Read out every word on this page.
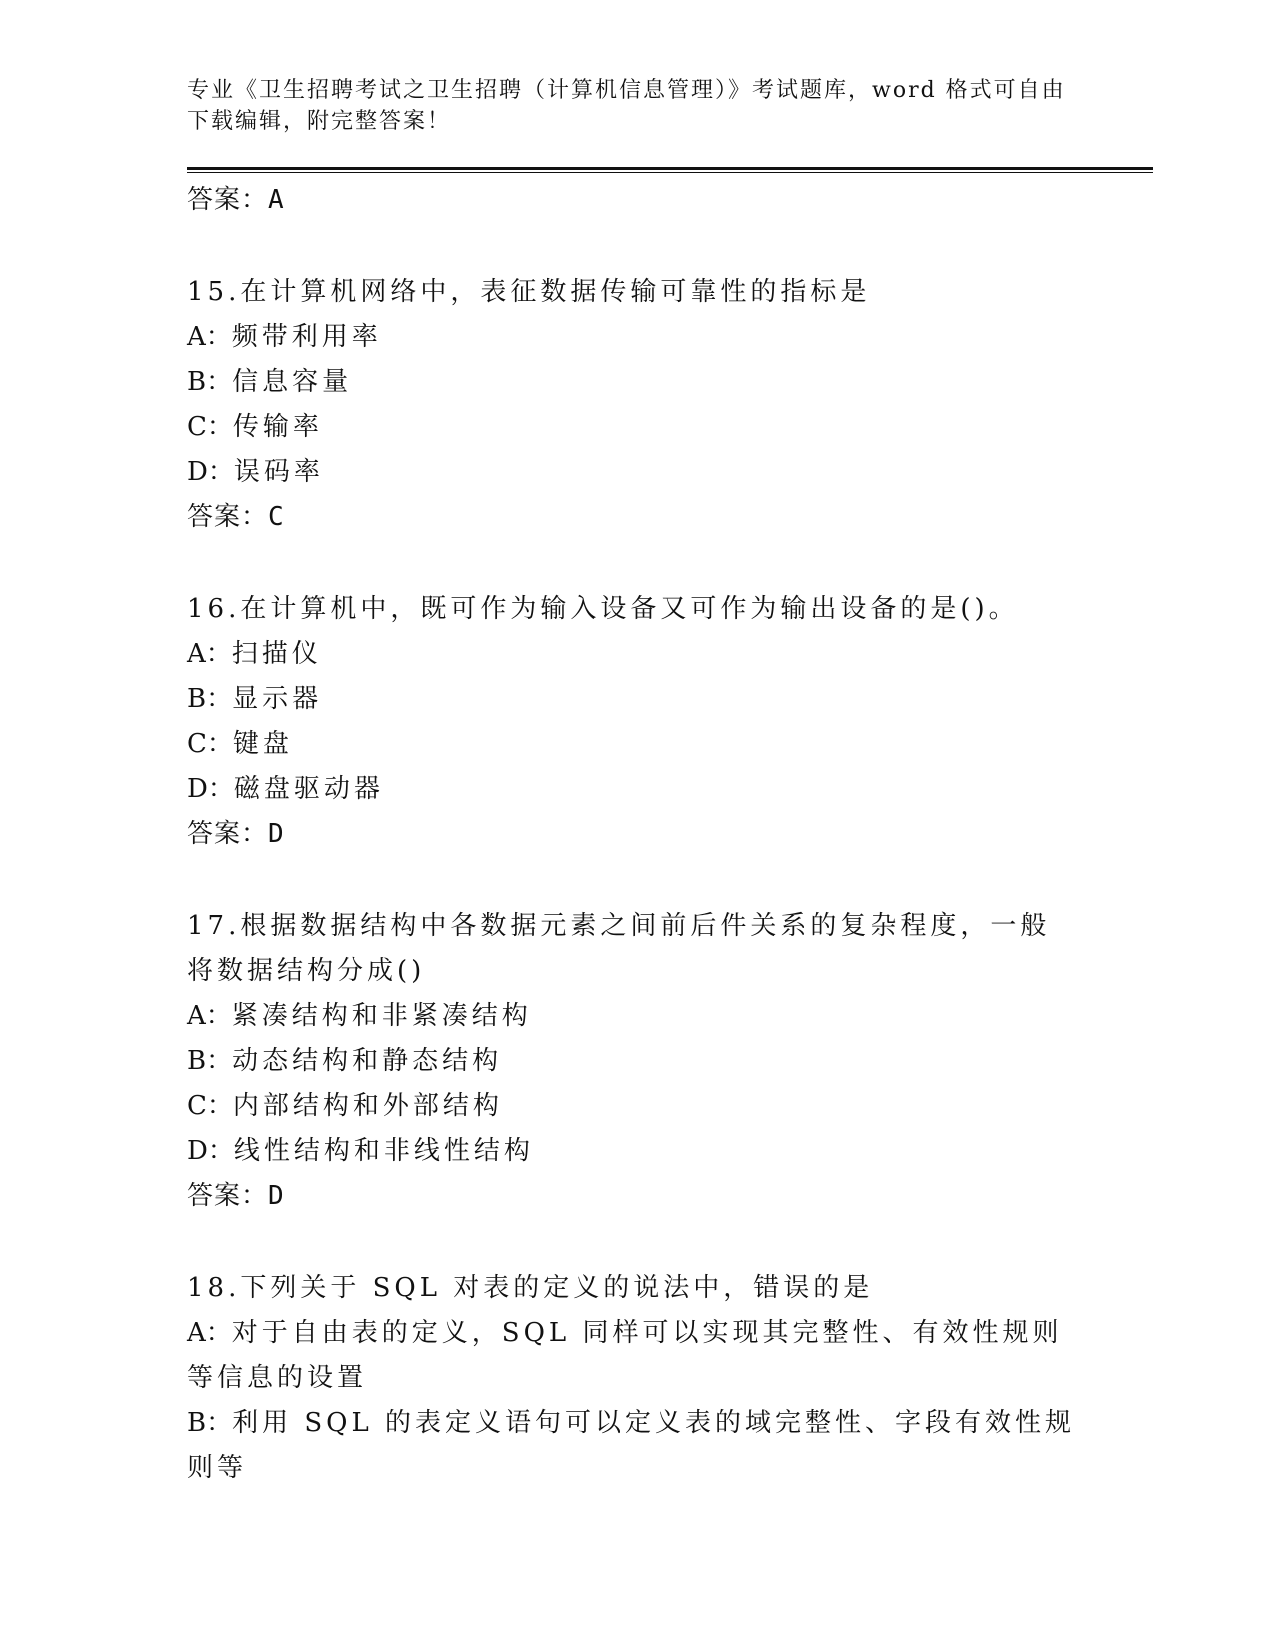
专业《卫生招聘考试之卫生招聘（计算机信息管理）》考试题库，word 格式可自由下载编辑，附完整答案！
答案：A
15.在计算机网络中，表征数据传输可靠性的指标是
A：频带利用率
B：信息容量
C：传输率
D：误码率
答案：C
16.在计算机中，既可作为输入设备又可作为输出设备的是()。
A：扫描仪
B：显示器
C：键盘
D：磁盘驱动器
答案：D
17.根据数据结构中各数据元素之间前后件关系的复杂程度，一般将数据结构分成()
A：紧凑结构和非紧凑结构
B：动态结构和静态结构
C：内部结构和外部结构
D：线性结构和非线性结构
答案：D
18.下列关于 SQL 对表的定义的说法中，错误的是
A：对于自由表的定义，SQL 同样可以实现其完整性、有效性规则等信息的设置
B：利用 SQL 的表定义语句可以定义表的域完整性、字段有效性规则等
